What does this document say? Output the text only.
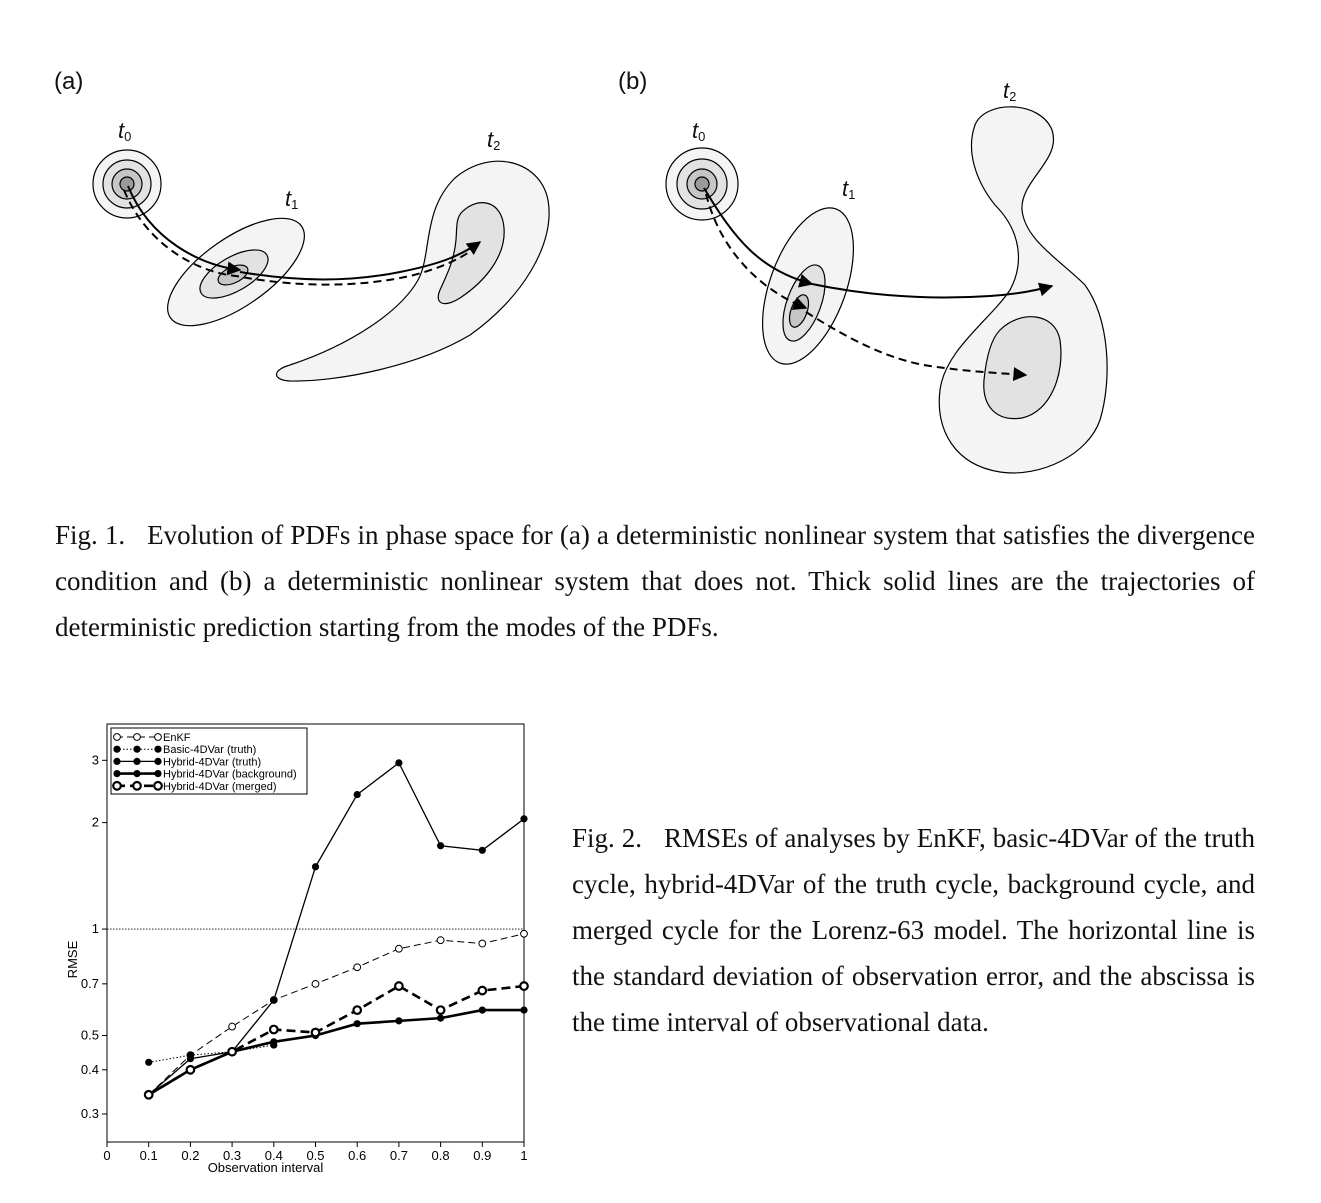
(a)	(b)
$t_0$
$t_1$
$t_2$
$t_0$
$t_1$
$t_2$
Fig. 1. Evolution of PDFs in phase space for (a) a deterministic nonlinear system that satisfies the divergence condition and (b) a deterministic nonlinear system that does not. Thick solid lines are the trajectories of deterministic prediction starting from the modes of the PDFs.
0 0.1 0.2 0.3 0.4 0.5 0.6 0.7 0.8 0.9 1
0.3
0.4
0.5
0.7
1
2
3
Observation interval
RMSE
EnKF
Basic-4DVar (truth)
Hybrid-4DVar (truth)
Hybrid-4DVar (background)
Hybrid-4DVar (merged)
Fig. 2. RMSEs of analyses by EnKF, basic-4DVar of the truth cycle, hybrid-4DVar of the truth cycle, background cycle, and merged cycle for the Lorenz-63 model. The horizontal line is the standard deviation of observation error, and the abscissa is the time interval of observational data.
